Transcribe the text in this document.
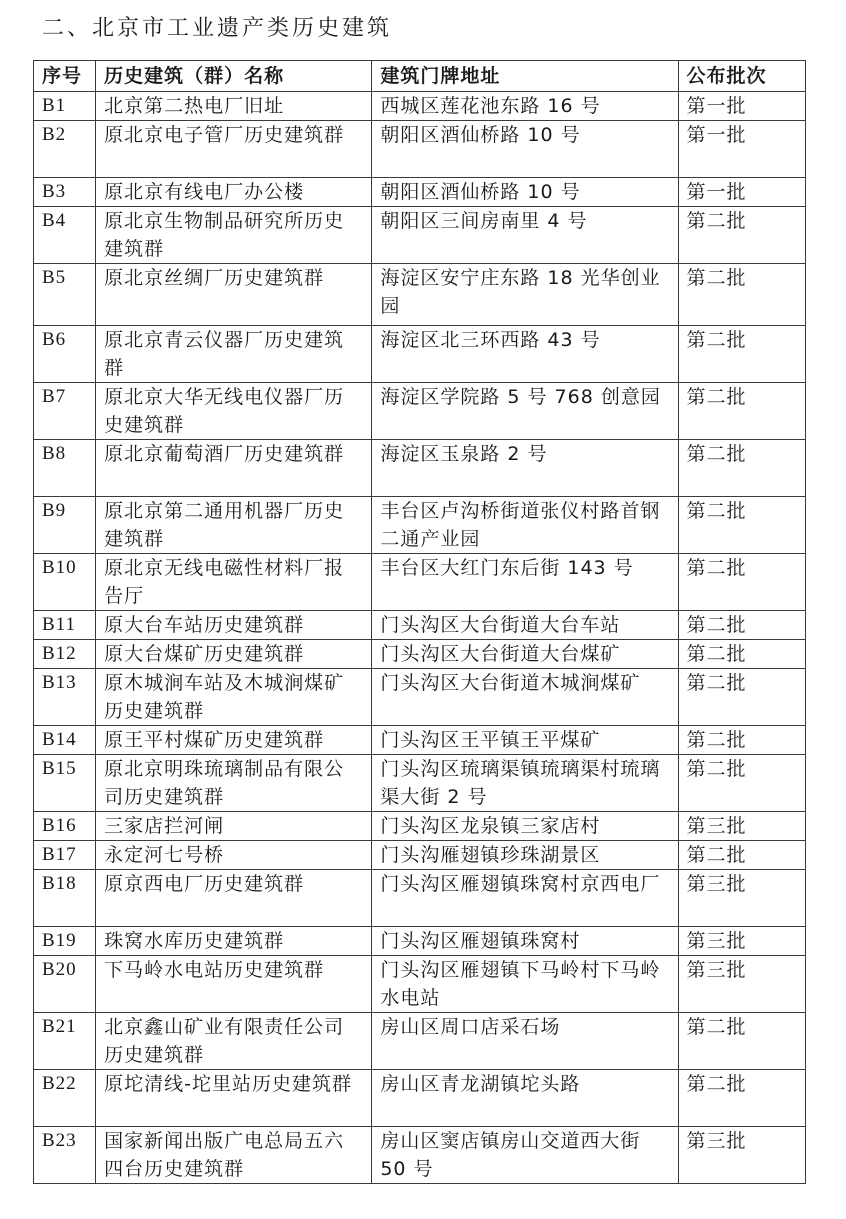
二、北京市工业遗产类历史建筑
序号	历史建筑（群）名称	建筑门牌地址	公布批次
B1	北京第二热电厂旧址	西城区莲花池东路 16 号	第一批
B2	原北京电子管厂历史建筑群	朝阳区酒仙桥路 10 号	第一批
B3	原北京有线电厂办公楼	朝阳区酒仙桥路 10 号	第一批
B4	原北京生物制品研究所历史建筑群	朝阳区三间房南里 4 号	第二批
B5	原北京丝绸厂历史建筑群	海淀区安宁庄东路 18 光华创业园	第二批
B6	原北京青云仪器厂历史建筑群	海淀区北三环西路 43 号	第二批
B7	原北京大华无线电仪器厂历史建筑群	海淀区学院路 5 号 768 创意园	第二批
B8	原北京葡萄酒厂历史建筑群	海淀区玉泉路 2 号	第二批
B9	原北京第二通用机器厂历史建筑群	丰台区卢沟桥街道张仪村路首钢二通产业园	第二批
B10	原北京无线电磁性材料厂报告厅	丰台区大红门东后街 143 号	第二批
B11	原大台车站历史建筑群	门头沟区大台街道大台车站	第二批
B12	原大台煤矿历史建筑群	门头沟区大台街道大台煤矿	第二批
B13	原木城涧车站及木城涧煤矿历史建筑群	门头沟区大台街道木城涧煤矿	第二批
B14	原王平村煤矿历史建筑群	门头沟区王平镇王平煤矿	第二批
B15	原北京明珠琉璃制品有限公司历史建筑群	门头沟区琉璃渠镇琉璃渠村琉璃渠大街 2 号	第二批
B16	三家店拦河闸	门头沟区龙泉镇三家店村	第三批
B17	永定河七号桥	门头沟雁翅镇珍珠湖景区	第二批
B18	原京西电厂历史建筑群	门头沟区雁翅镇珠窝村京西电厂	第三批
B19	珠窝水库历史建筑群	门头沟区雁翅镇珠窝村	第三批
B20	下马岭水电站历史建筑群	门头沟区雁翅镇下马岭村下马岭水电站	第三批
B21	北京鑫山矿业有限责任公司历史建筑群	房山区周口店采石场	第二批
B22	原坨清线-坨里站历史建筑群	房山区青龙湖镇坨头路	第二批
B23	国家新闻出版广电总局五六四台历史建筑群	房山区窦店镇房山交道西大街 50 号	第三批
